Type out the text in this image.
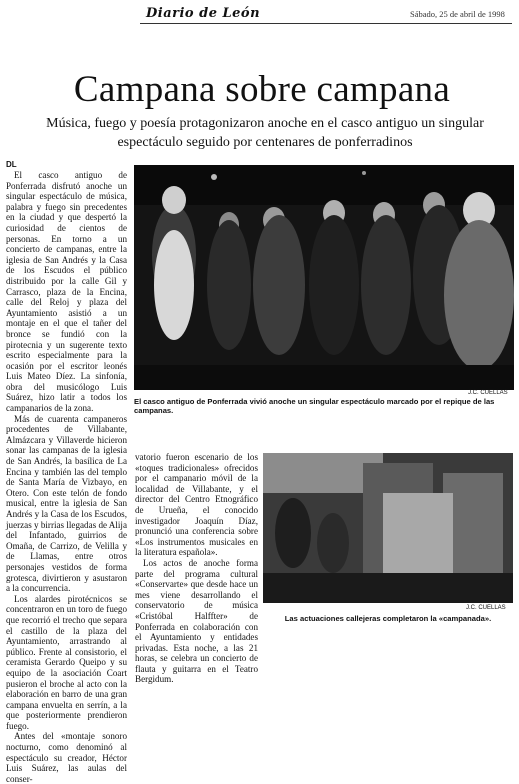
Diario de León	Sábado, 25 de abril de 1998
Campana sobre campana
Música, fuego y poesía protagonizaron anoche en el casco antiguo un singular espectáculo seguido por centenares de ponferradinos
DL

El casco antiguo de Ponferrada disfrutó anoche un singular espectáculo de música, palabra y fuego sin precedentes en la ciudad y que despertó la curiosidad de cientos de personas. En torno a un concierto de campanas, entre la iglesia de San Andrés y la Casa de los Escudos el público distribuido por la calle Gil y Carrasco, plaza de la Encina, calle del Reloj y plaza del Ayuntamiento asistió a un montaje en el que el tañer del bronce se fundió con la pirotecnia y un sugerente texto escrito especialmente para la ocasión por el escritor leonés Luis Mateo Díez. La sinfonía, obra del musicólogo Luis Suárez, hizo latir a todos los campanarios de la zona.

Más de cuarenta campaneros procedentes de Villabante, Almázcara y Villaverde hicieron sonar las campanas de la iglesia de San Andrés, la basílica de La Encina y también las del templo de Santa María de Vizbayo, en Otero. Con este telón de fondo musical, entre la iglesia de San Andrés y la Casa de los Escudos, juerzas y birrias llegadas de Alija del Infantado, guirrios de Omaña, de Carrizo, de Velilla y de Llamas, entre otros personajes vestidos de forma grotesca, divirtieron y asustaron a la concurrencia.

Los alardes pirotécnicos se concentraron en un toro de fuego que recorrió el trecho que separa el castillo de la plaza del Ayuntamiento, arrastrando al público. Frente al consistorio, el ceramista Gerardo Queipo y su equipo de la asociación Coart pusieron el broche al acto con la elaboración en barro de una gran campana envuelta en serrín, a la que posteriormente prendieron fuego.

Antes del «montaje sonoro nocturno, como denominó al espectáculo su creador, Héctor Luis Suárez, las aulas del conser-

vatorio fueron escenario de los «toques tradicionales» ofrecidos por el campanario móvil de la localidad de Villabante, y el director del Centro Etnográfico de Urueña, el conocido investigador Joaquín Díaz, pronunció una conferencia sobre «Los instrumentos musicales en la literatura española».

Los actos de anoche forma parte del programa cultural «Conservarte» que desde hace un mes viene desarrollando el conservatorio de música «Cristóbal Halffter» de Ponferrada en colaboración con el Ayuntamiento y entidades privadas. Esta noche, a las 21 horas, se celebra un concierto de flauta y guitarra en el Teatro Bergidum.

J.C. CUELLAS
El casco antiguo de Ponferrada vivió anoche un singular espectáculo marcado por el repique de las campanas.
J.C. CUELLAS
Las actuaciones callejeras completaron la «campanada».
